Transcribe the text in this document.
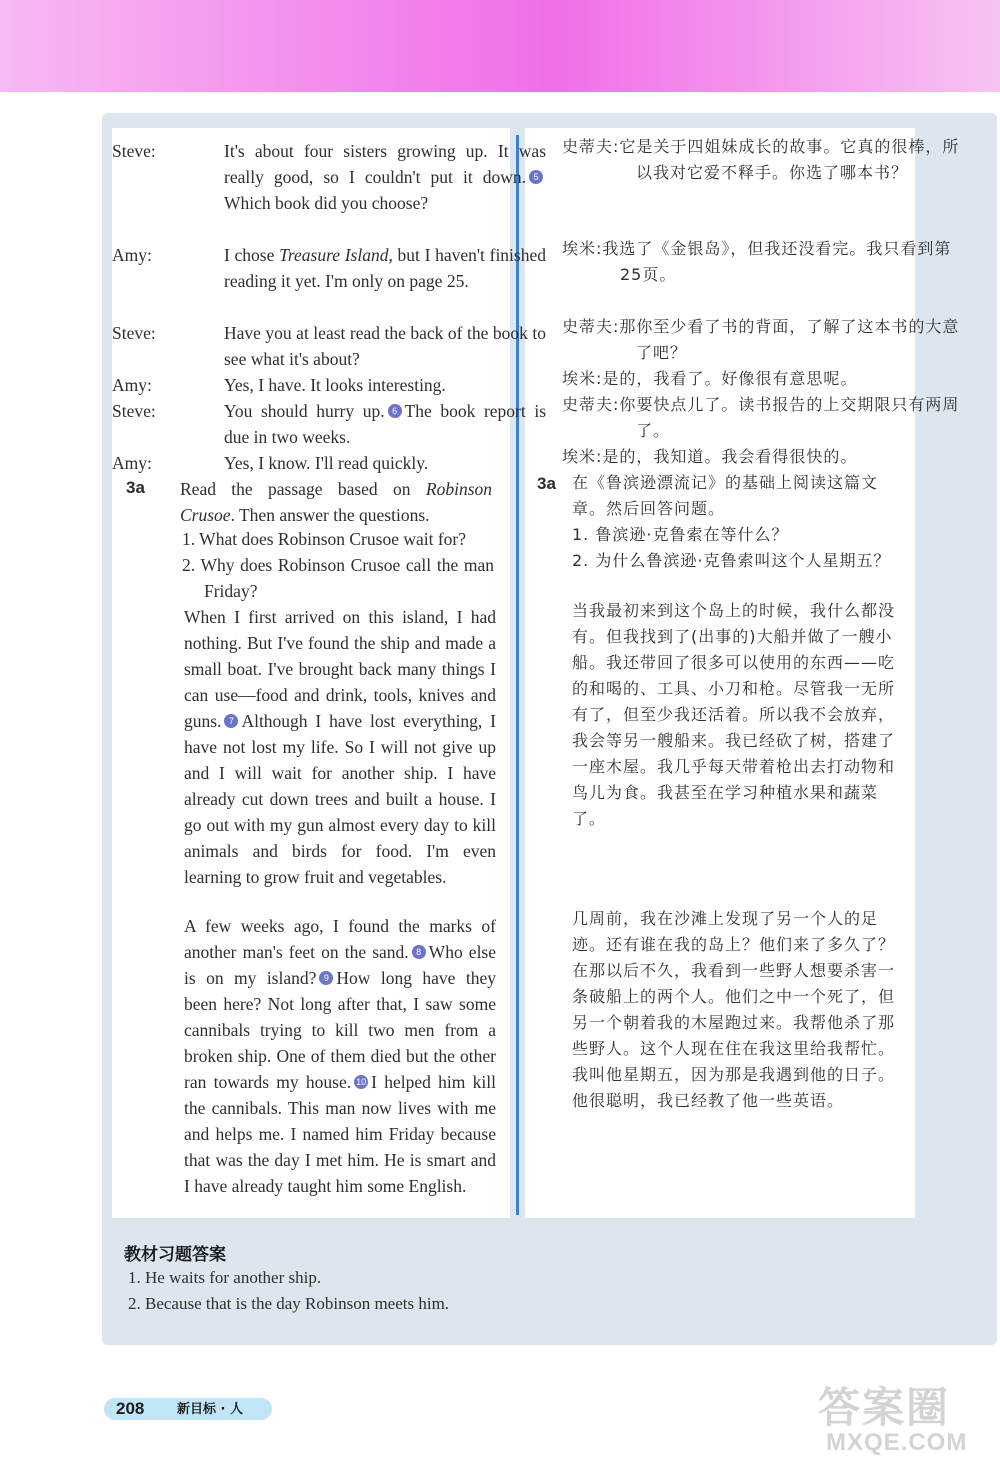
Steve:	It's about four sisters growing up. It was really good, so I couldn't put it down. 5Which book did you choose?

Amy:	I chose Treasure Island, but I haven't finished reading it yet. I'm only on page 25.

Steve:	Have you at least read the back of the book to see what it's about?

Amy:	Yes, I have. It looks interesting.

Steve:	You should hurry up. 6 The book report is due in two weeks.

Amy:	Yes, I know. I'll read quickly.

3a Read the passage based on Robinson Crusoe. Then answer the questions.

1. What does Robinson Crusoe wait for?

2. Why does Robinson Crusoe call the man Friday?

When I first arrived on this island, I had nothing. But I've found the ship and made a small boat. I've brought back many things I can use—food and drink, tools, knives and guns. 7 Although I have lost everything, I have not lost my life. So I will not give up and I will wait for another ship. I have already cut down trees and built a house. I go out with my gun almost every day to kill animals and birds for food. I'm even learning to grow fruit and vegetables.

A few weeks ago, I found the marks of another man's feet on the sand. 8 Who else is on my island? 9 How long have they been here? Not long after that, I saw some cannibals trying to kill two men from a broken ship. One of them died but the other ran towards my house. 10 I helped him kill the cannibals. This man now lives with me and helps me. I named him Friday because that was the day I met him. He is smart and I have already taught him some English.

史蒂夫:它是关于四姐妹成长的故事。它真的很棒，所以我对它爱不释手。你选了哪本书？

埃米:我选了《金银岛》，但我还没看完。我只看到第25页。

史蒂夫:那你至少看了书的背面，了解了这本书的大意了吧？

埃米:是的，我看了。好像很有意思呢。

史蒂夫:你要快点儿了。读书报告的上交期限只有两周了。

埃米:是的，我知道。我会看得很快的。

3a 在《鲁滨逊漂流记》的基础上阅读这篇文章。然后回答问题。

1. 鲁滨逊·克鲁索在等什么？

2. 为什么鲁滨逊·克鲁索叫这个人星期五？

当我最初来到这个岛上的时候，我什么都没有。但我找到了(出事的)大船并做了一艘小船。我还带回了很多可以使用的东西——吃的和喝的、工具、小刀和枪。尽管我一无所有了，但至少我还活着。所以我不会放弃，我会等另一艘船来。我已经砍了树，搭建了一座木屋。我几乎每天带着枪出去打动物和鸟儿为食。我甚至在学习种植水果和蔬菜了。

几周前，我在沙滩上发现了另一个人的足迹。还有谁在我的岛上？他们来了多久了？在那以后不久，我看到一些野人想要杀害一条破船上的两个人。他们之中一个死了，但另一个朝着我的木屋跑过来。我帮他杀了那些野人。这个人现在住在我这里给我帮忙。我叫他星期五，因为那是我遇到他的日子。他很聪明，我已经教了他一些英语。

教材习题答案
1. He waits for another ship.
2. Because that is the day Robinson meets him.
208	新目标 · 人	答案圈
MXQE.COM
